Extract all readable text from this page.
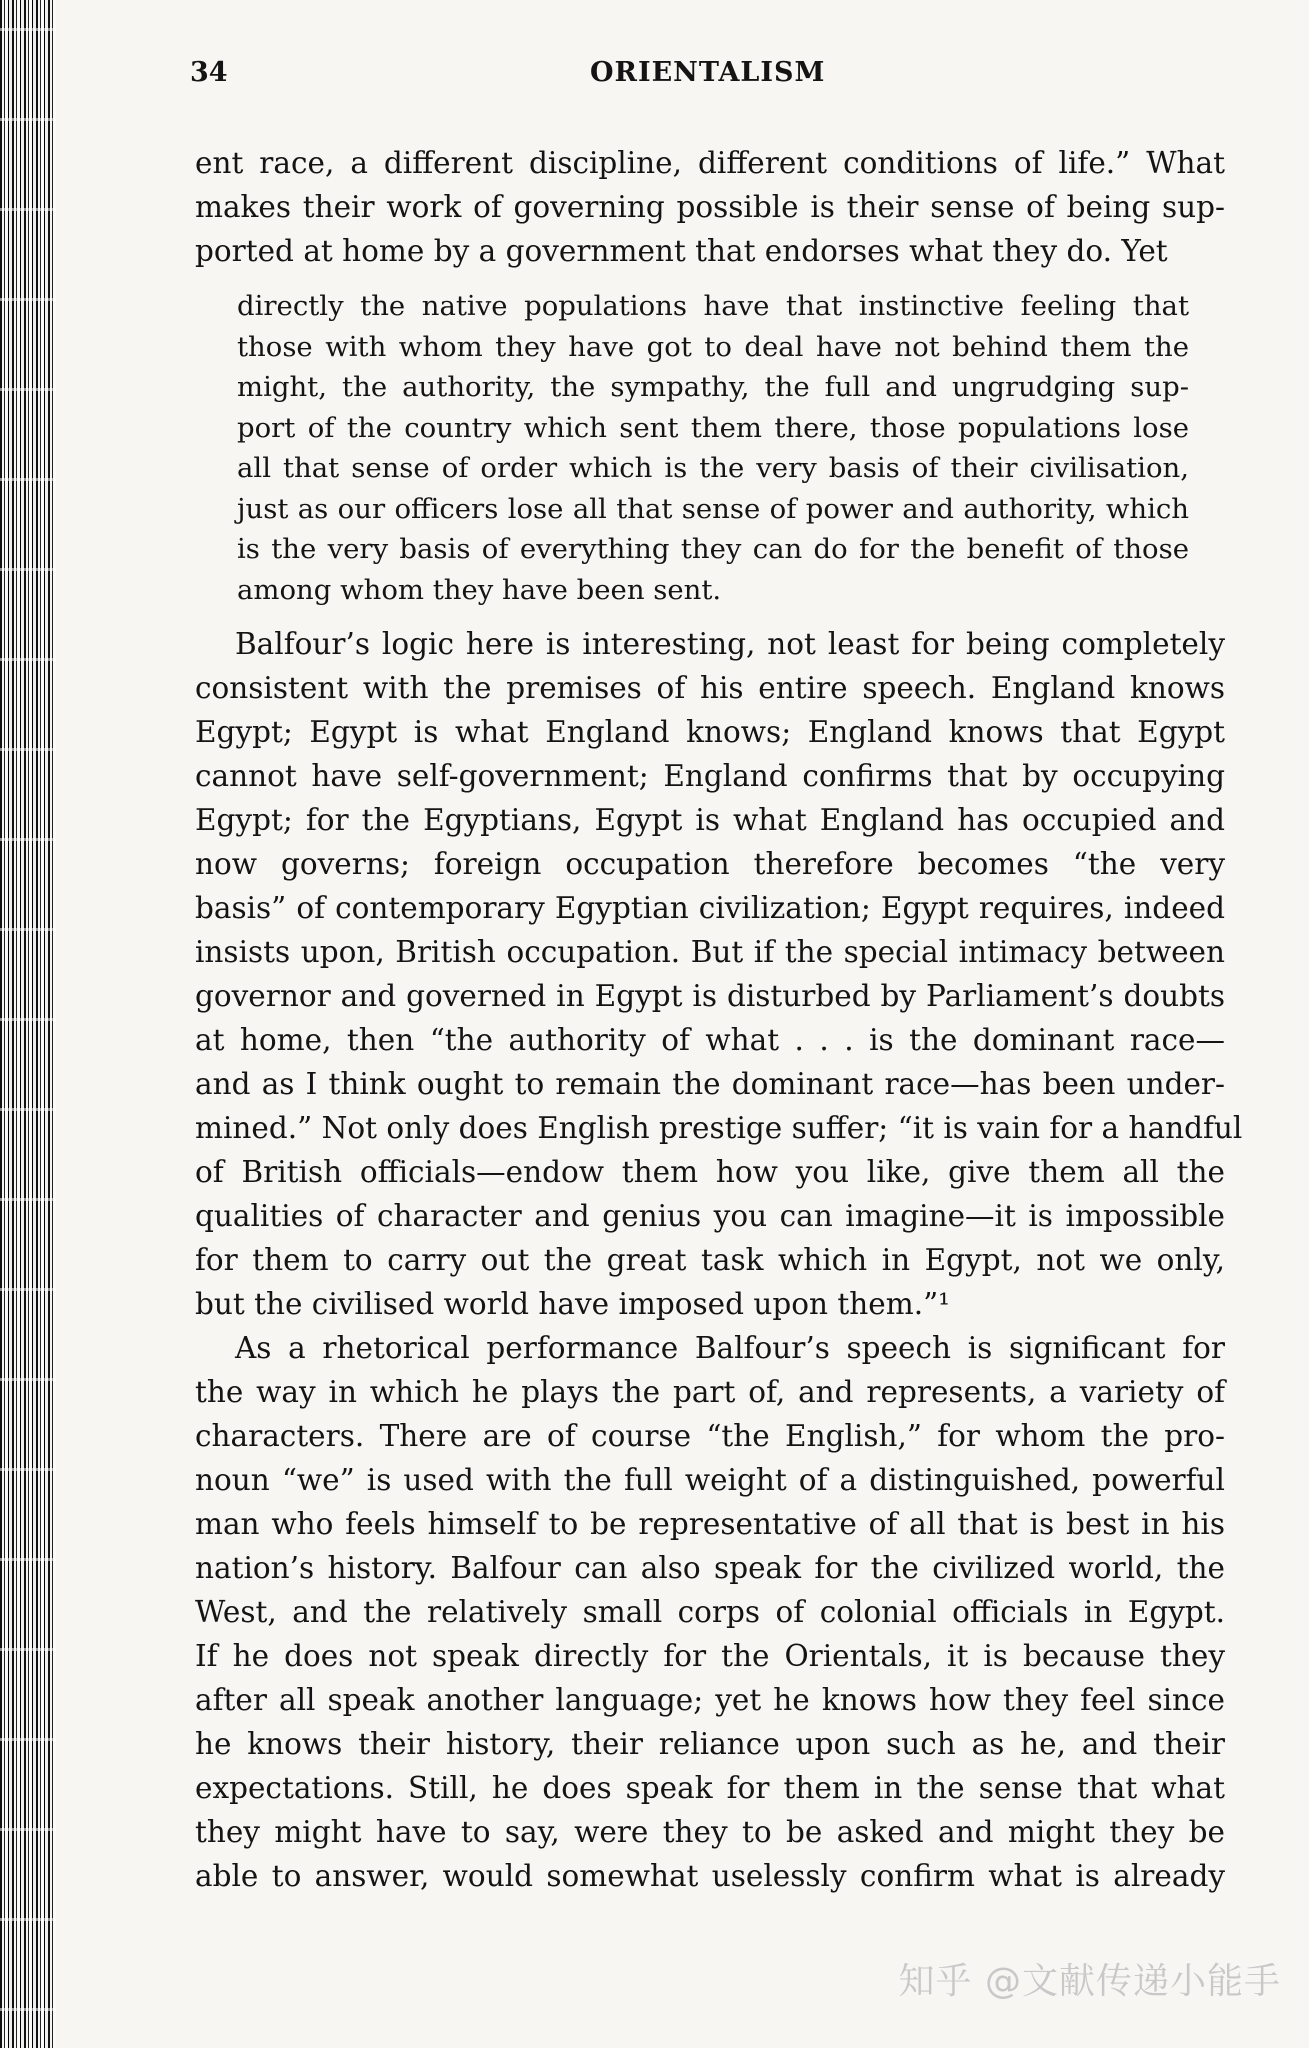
34	ORIENTALISM
ent race, a different discipline, different conditions of life.” What
makes their work of governing possible is their sense of being sup-
ported at home by a government that endorses what they do. Yet
directly the native populations have that instinctive feeling that
those with whom they have got to deal have not behind them the
might, the authority, the sympathy, the full and ungrudging sup-
port of the country which sent them there, those populations lose
all that sense of order which is the very basis of their civilisation,
just as our officers lose all that sense of power and authority, which
is the very basis of everything they can do for the benefit of those
among whom they have been sent.
Balfour’s logic here is interesting, not least for being completely
consistent with the premises of his entire speech. England knows
Egypt; Egypt is what England knows; England knows that Egypt
cannot have self-government; England confirms that by occupying
Egypt; for the Egyptians, Egypt is what England has occupied and
now governs; foreign occupation therefore becomes “the very
basis” of contemporary Egyptian civilization; Egypt requires, indeed
insists upon, British occupation. But if the special intimacy between
governor and governed in Egypt is disturbed by Parliament’s doubts
at home, then “the authority of what . . . is the dominant race—
and as I think ought to remain the dominant race—has been under-
mined.” Not only does English prestige suffer; “it is vain for a handful
of British officials—endow them how you like, give them all the
qualities of character and genius you can imagine—it is impossible
for them to carry out the great task which in Egypt, not we only,
but the civilised world have imposed upon them.”¹
As a rhetorical performance Balfour’s speech is significant for
the way in which he plays the part of, and represents, a variety of
characters. There are of course “the English,” for whom the pro-
noun “we” is used with the full weight of a distinguished, powerful
man who feels himself to be representative of all that is best in his
nation’s history. Balfour can also speak for the civilized world, the
West, and the relatively small corps of colonial officials in Egypt.
If he does not speak directly for the Orientals, it is because they
after all speak another language; yet he knows how they feel since
he knows their history, their reliance upon such as he, and their
expectations. Still, he does speak for them in the sense that what
they might have to say, were they to be asked and might they be
able to answer, would somewhat uselessly confirm what is already
知乎 @文献传递小能手
